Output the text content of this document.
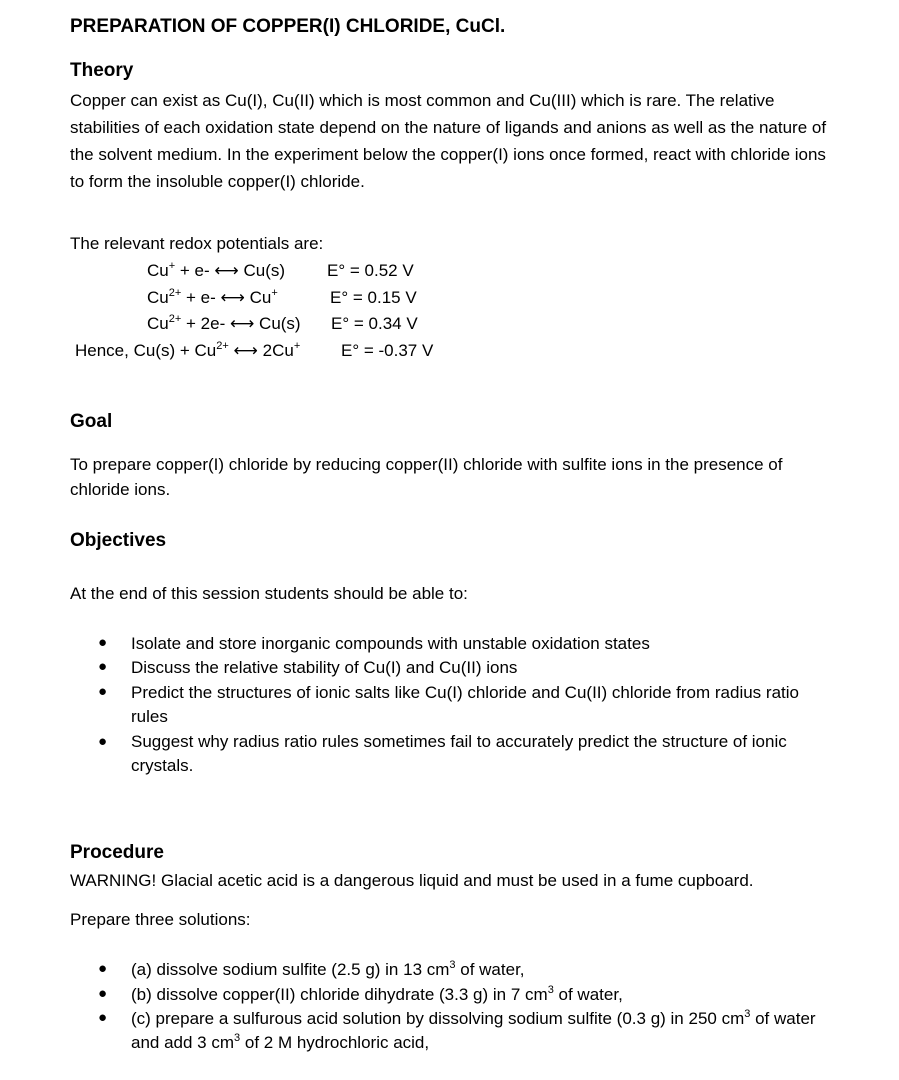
PREPARATION OF COPPER(I) CHLORIDE, CuCl.
Theory
Copper can exist as Cu(I), Cu(II) which is most common and Cu(III) which is rare. The relative stabilities of each oxidation state depend on the nature of ligands and anions as well as the nature of the solvent medium. In the experiment below the copper(I) ions once formed, react with chloride ions to form the insoluble copper(I) chloride.
The relevant redox potentials are:
Cu+ + e- ⟷ Cu(s) E° = 0.52 V
$Cu^{2+} + e-$ ⟷ Cu+	E° = 0.15 V
$Cu^{2+} + 2e-$ ⟷ Cu(s) E° = 0.34 V
Hence, $Cu(s) + Cu^{2+}$ ⟷ 2Cu+ E° = -0.37 V
Goal
To prepare copper(I) chloride by reducing copper(II) chloride with sulfite ions in the presence of chloride ions.
Objectives
At the end of this session students should be able to:
● Isolate and store inorganic compounds with unstable oxidation states
● Discuss the relative stability of Cu(I) and Cu(II) ions
● Predict the structures of ionic salts like Cu(I) chloride and Cu(II) chloride from radius ratio rules
● Suggest why radius ratio rules sometimes fail to accurately predict the structure of ionic crystals.
Procedure
WARNING! Glacial acetic acid is a dangerous liquid and must be used in a fume cupboard.
Prepare three solutions:
● (a) dissolve sodium sulfite (2.5 g) in 13 $cm^3$ of water,
● (b) dissolve copper(II) chloride dihydrate (3.3 g) in 7 $cm^3$ of water,
● (c) prepare a sulfurous acid solution by dissolving sodium sulfite (0.3 g) in 250 $cm^3$ of water and add 3 $cm^3$ of 2 M hydrochloric acid,
